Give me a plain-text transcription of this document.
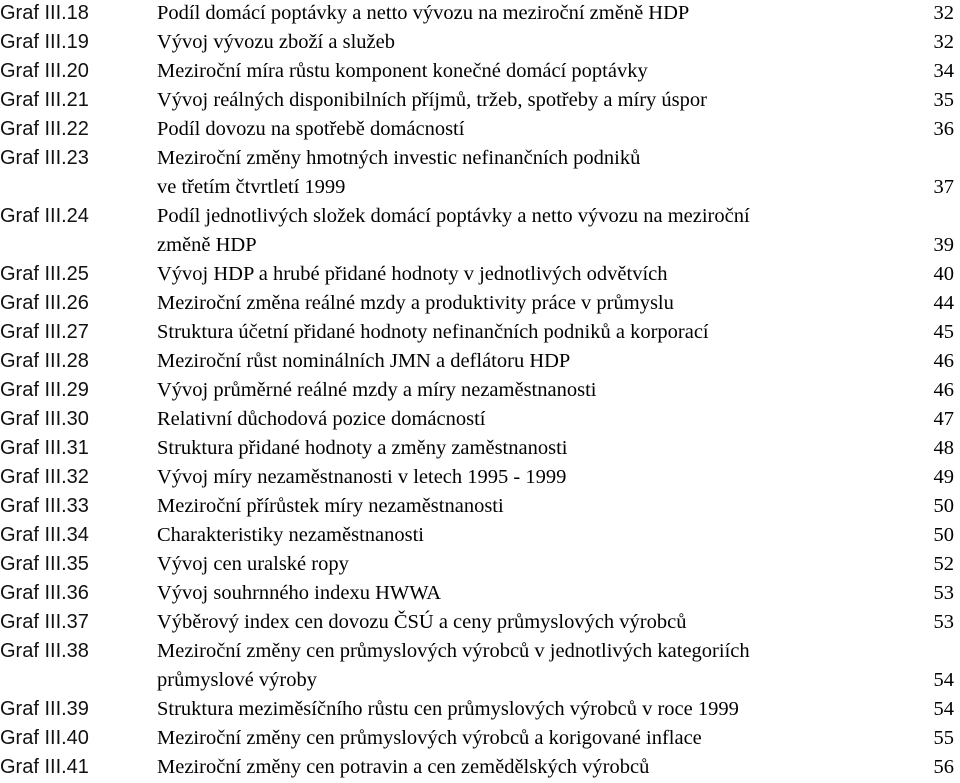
Graf III.18	Podíl domácí poptávky a netto vývozu na meziroční změně HDP	32
Graf III.19	Vývoj vývozu zboží a služeb	32
Graf III.20	Meziroční míra růstu komponent konečné domácí poptávky	34
Graf III.21	Vývoj reálných disponibilních příjmů, tržeb, spotřeby a míry úspor	35
Graf III.22	Podíl dovozu na spotřebě domácností	36
Graf III.23	Meziroční změny hmotných investic nefinančních podniků
ve třetím čtvrtletí 1999	37
Graf III.24	Podíl jednotlivých složek domácí poptávky a netto vývozu na meziroční
změně HDP	39
Graf III.25	Vývoj HDP a hrubé přidané hodnoty v jednotlivých odvětvích	40
Graf III.26	Meziroční změna reálné mzdy a produktivity práce v průmyslu	44
Graf III.27	Struktura účetní přidané hodnoty nefinančních podniků a korporací	45
Graf III.28	Meziroční růst nominálních JMN a deflátoru HDP	46
Graf III.29	Vývoj průměrné reálné mzdy a míry nezaměstnanosti	46
Graf III.30	Relativní důchodová pozice domácností	47
Graf III.31	Struktura přidané hodnoty a změny zaměstnanosti	48
Graf III.32	Vývoj míry nezaměstnanosti v letech 1995 - 1999	49
Graf III.33	Meziroční přírůstek míry nezaměstnanosti	50
Graf III.34	Charakteristiky nezaměstnanosti	50
Graf III.35	Vývoj cen uralské ropy	52
Graf III.36	Vývoj souhrnného indexu HWWA	53
Graf III.37	Výběrový index cen dovozu ČSÚ a ceny průmyslových výrobců	53
Graf III.38	Meziroční změny cen průmyslových výrobců v jednotlivých kategoriích
průmyslové výroby	54
Graf III.39	Struktura meziměsíčního růstu cen průmyslových výrobců v roce 1999	54
Graf III.40	Meziroční změny cen průmyslových výrobců a korigované inflace	55
Graf III.41	Meziroční změny cen potravin a cen zemědělských výrobců	56
